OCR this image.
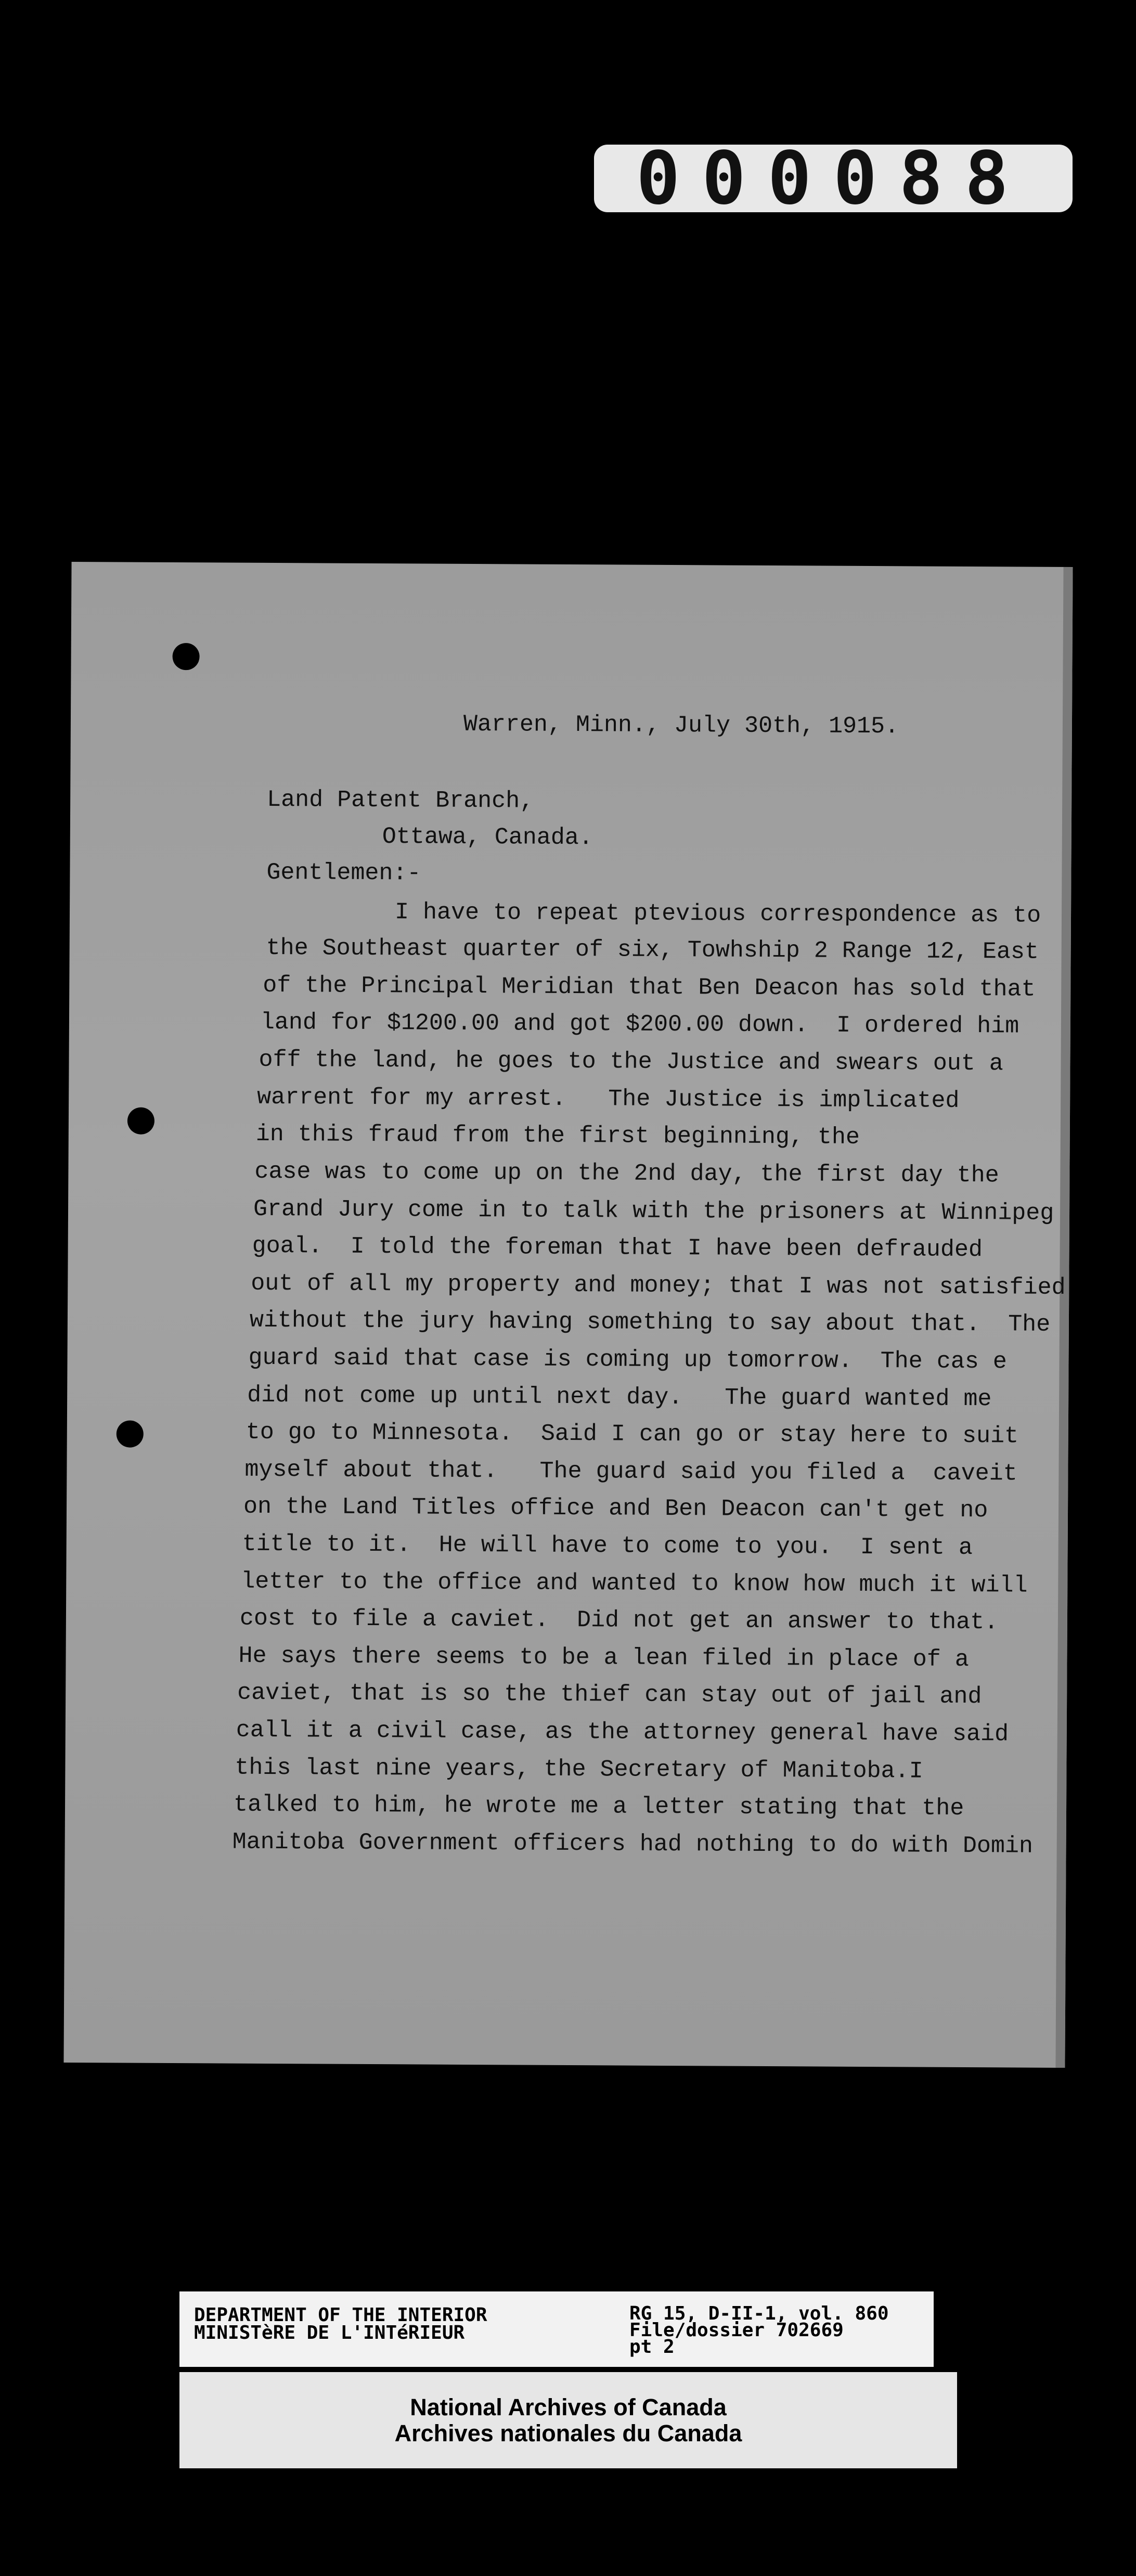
000088
Warren, Minn., July 30th, 1915.
Land Patent Branch,
Ottawa, Canada.
Gentlemen:-
I have to repeat ptevious correspondence as to
the Southeast quarter of six, Towhship 2 Range 12, East
of the Principal Meridian that Ben Deacon has sold that
land for $1200.00 and got $200.00 down.  I ordered him
off the land, he goes to the Justice and swears out a
warrent for my arrest.   The Justice is implicated
in this fraud from the first beginning, the
case was to come up on the 2nd day, the first day the
Grand Jury come in to talk with the prisoners at Winnipeg
goal.  I told the foreman that I have been defrauded
out of all my property and money; that I was not satisfied
without the jury having something to say about that.  The
guard said that case is coming up tomorrow.  The cas e
did not come up until next day.   The guard wanted me
to go to Minnesota.  Said I can go or stay here to suit
myself about that.   The guard said you filed a  caveit
on the Land Titles office and Ben Deacon can't get no
title to it.  He will have to come to you.  I sent a
letter to the office and wanted to know how much it will
cost to file a caviet.  Did not get an answer to that.
He says there seems to be a lean filed in place of a
caviet, that is so the thief can stay out of jail and
call it a civil case, as the attorney general have said
this last nine years, the Secretary of Manitoba.I
talked to him, he wrote me a letter stating that the
Manitoba Government officers had nothing to do with Domin
DEPARTMENT OF THE INTERIOR
MINISTèRE DE L'INTéRIEUR
RG 15, D-II-1, vol. 860
File/dossier 702669
pt 2
National Archives of Canada
Archives nationales du Canada
